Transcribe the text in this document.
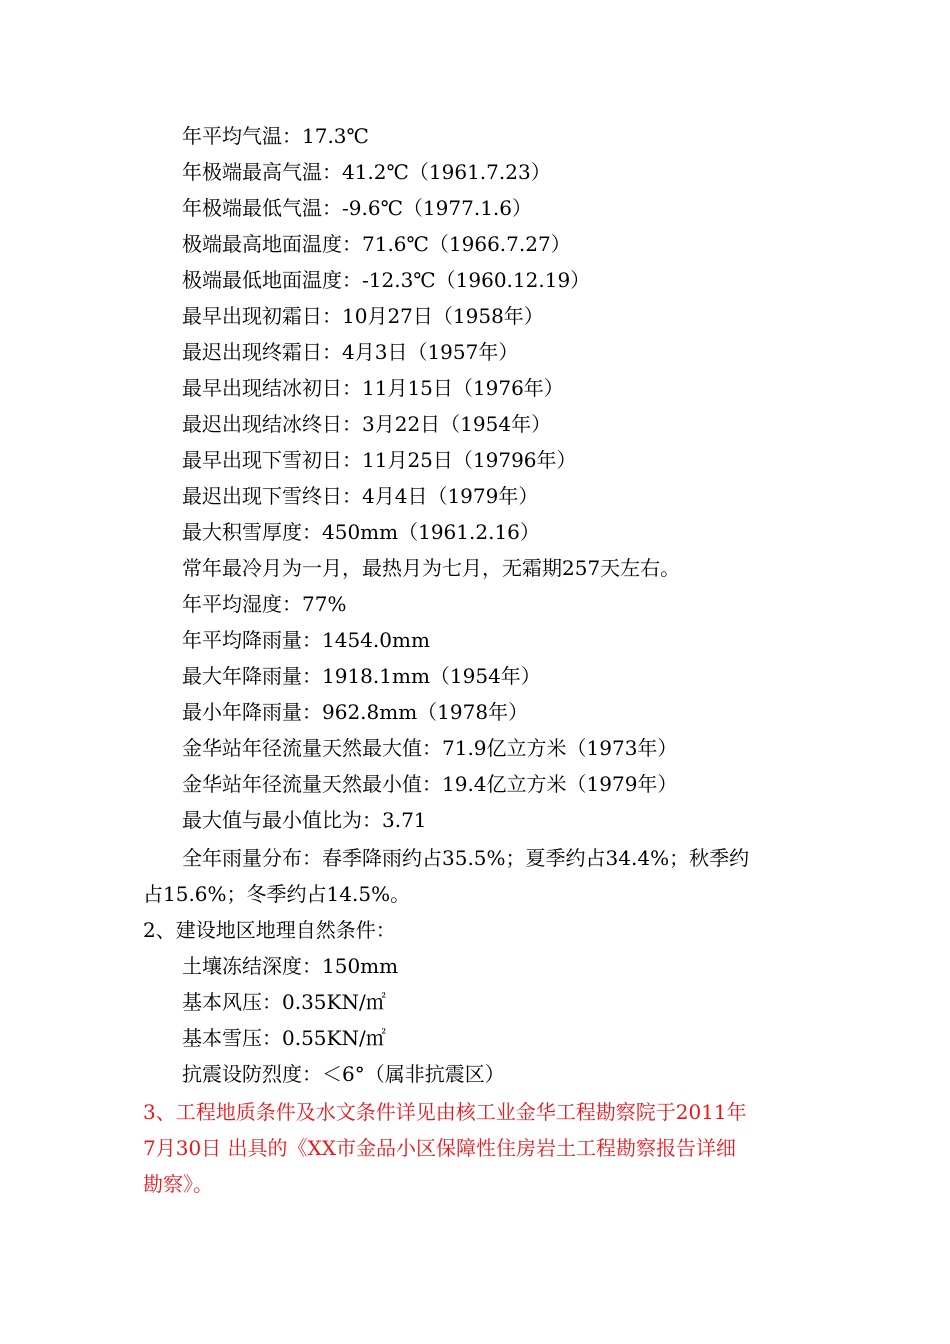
年平均气温：17.3℃
年极端最高气温：41.2℃（1961.7.23）
年极端最低气温：-9.6℃（1977.1.6）
极端最高地面温度：71.6℃（1966.7.27）
极端最低地面温度：-12.3℃（1960.12.19）
最早出现初霜日：10月27日（1958年）
最迟出现终霜日：4月3日（1957年）
最早出现结冰初日：11月15日（1976年）
最迟出现结冰终日：3月22日（1954年）
最早出现下雪初日：11月25日（19796年）
最迟出现下雪终日：4月4日（1979年）
最大积雪厚度：450mm（1961.2.16）
常年最冷月为一月，最热月为七月，无霜期257天左右。
年平均湿度：77%
年平均降雨量：1454.0mm
最大年降雨量：1918.1mm（1954年）
最小年降雨量：962.8mm（1978年）
金华站年径流量天然最大值：71.9亿立方米（1973年）
金华站年径流量天然最小值：19.4亿立方米（1979年）
最大值与最小值比为：3.71
全年雨量分布：春季降雨约占35.5%；夏季约占34.4%；秋季约
占15.6%；冬季约占14.5%。
2、建设地区地理自然条件：
土壤冻结深度：150mm
基本风压：0.35KN/㎡
基本雪压：0.55KN/㎡
抗震设防烈度：＜6°（属非抗震区）
3、工程地质条件及水文条件详见由核工业金华工程勘察院于2011年
7月30日 出具的《XX市金品小区保障性住房岩土工程勘察报告详细
勘察》。
